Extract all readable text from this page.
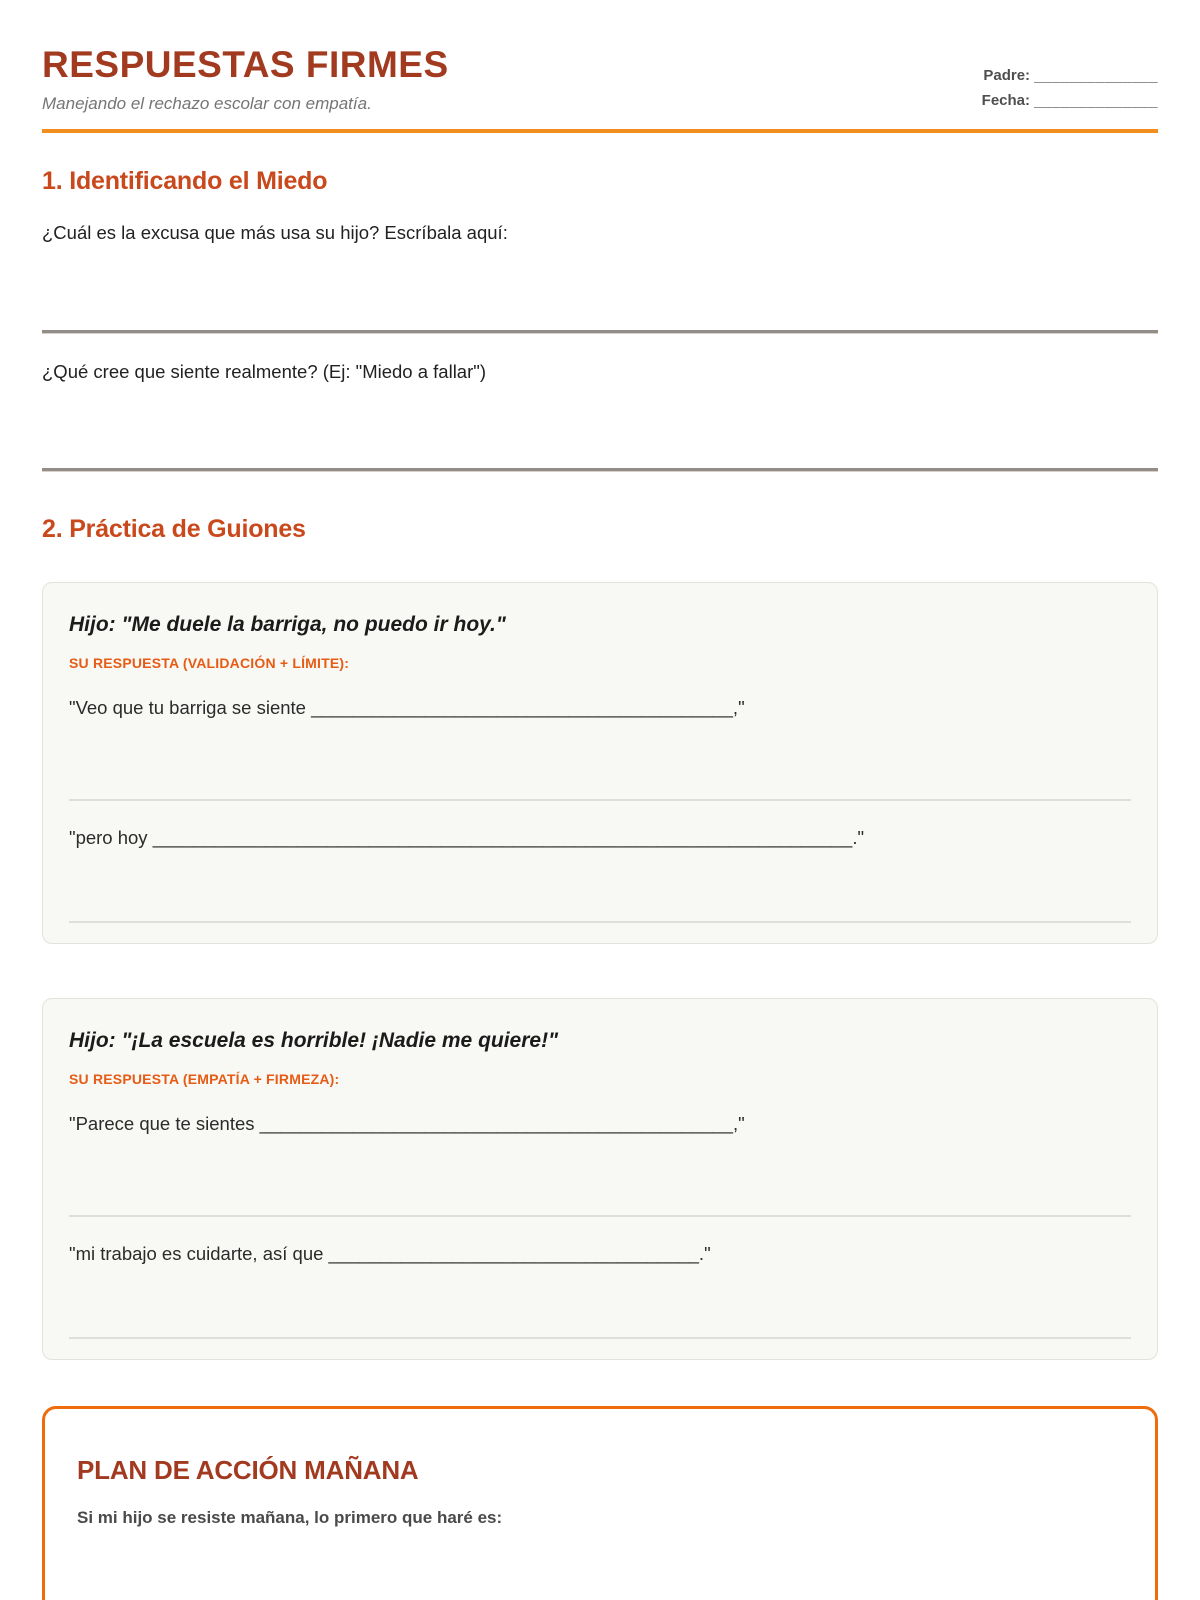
RESPUESTAS FIRMES
Manejando el rechazo escolar con empatía.
Padre: ______________
Fecha: ______________
1. Identificando el Miedo
¿Cuál es la excusa que más usa su hijo? Escríbala aquí:
¿Qué cree que siente realmente? (Ej: "Miedo a fallar")
2. Práctica de Guiones
Hijo: "Me duele la barriga, no puedo ir hoy."
SU RESPUESTA (VALIDACIÓN + LÍMITE):
"Veo que tu barriga se siente _________________________________________,"
"pero hoy ____________________________________________________________________."
Hijo: "¡La escuela es horrible! ¡Nadie me quiere!"
SU RESPUESTA (EMPATÍA + FIRMEZA):
"Parece que te sientes ______________________________________________,"
"mi trabajo es cuidarte, así que ____________________________________."
PLAN DE ACCIÓN MAÑANA
Si mi hijo se resiste mañana, lo primero que haré es:
